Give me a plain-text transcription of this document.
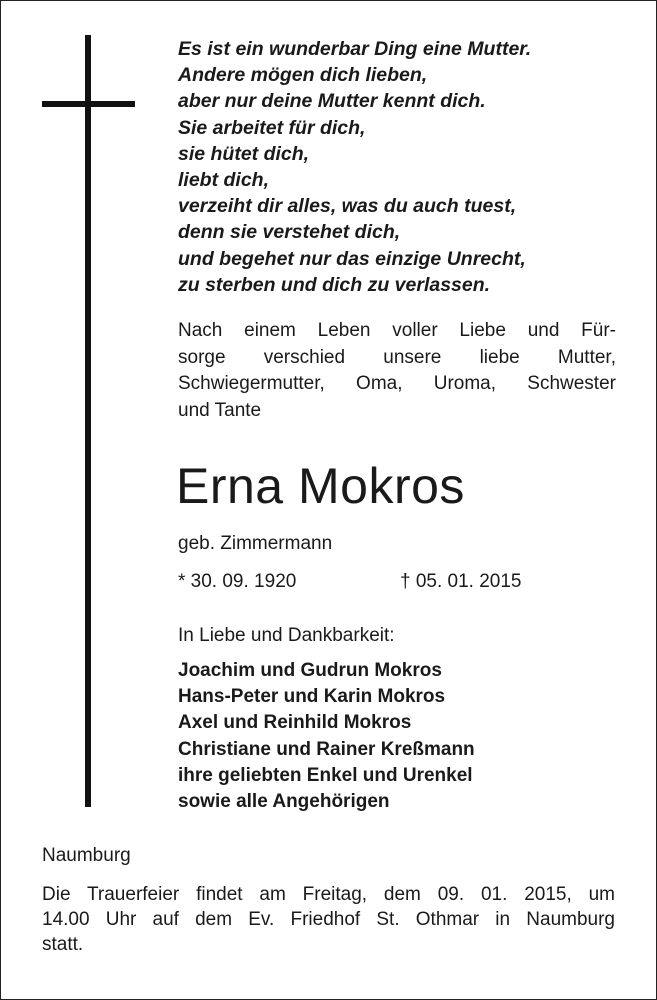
Es ist ein wunderbar Ding eine Mutter.
Andere mögen dich lieben,
aber nur deine Mutter kennt dich.
Sie arbeitet für dich,
sie hütet dich,
liebt dich,
verzeiht dir alles, was du auch tuest,
denn sie verstehet dich,
und begehet nur das einzige Unrecht,
zu sterben und dich zu verlassen.
Nach einem Leben voller Liebe und Für-
sorge verschied unsere liebe Mutter,
Schwiegermutter, Oma, Uroma, Schwester
und Tante
Erna Mokros
geb. Zimmermann
* 30. 09. 1920	† 05. 01. 2015
In Liebe und Dankbarkeit:
Joachim und Gudrun Mokros
Hans-Peter und Karin Mokros
Axel und Reinhild Mokros
Christiane und Rainer Kreßmann
ihre geliebten Enkel und Urenkel
sowie alle Angehörigen
Naumburg
Die Trauerfeier findet am Freitag, dem 09. 01. 2015, um
14.00 Uhr auf dem Ev. Friedhof St. Othmar in Naumburg
statt.
